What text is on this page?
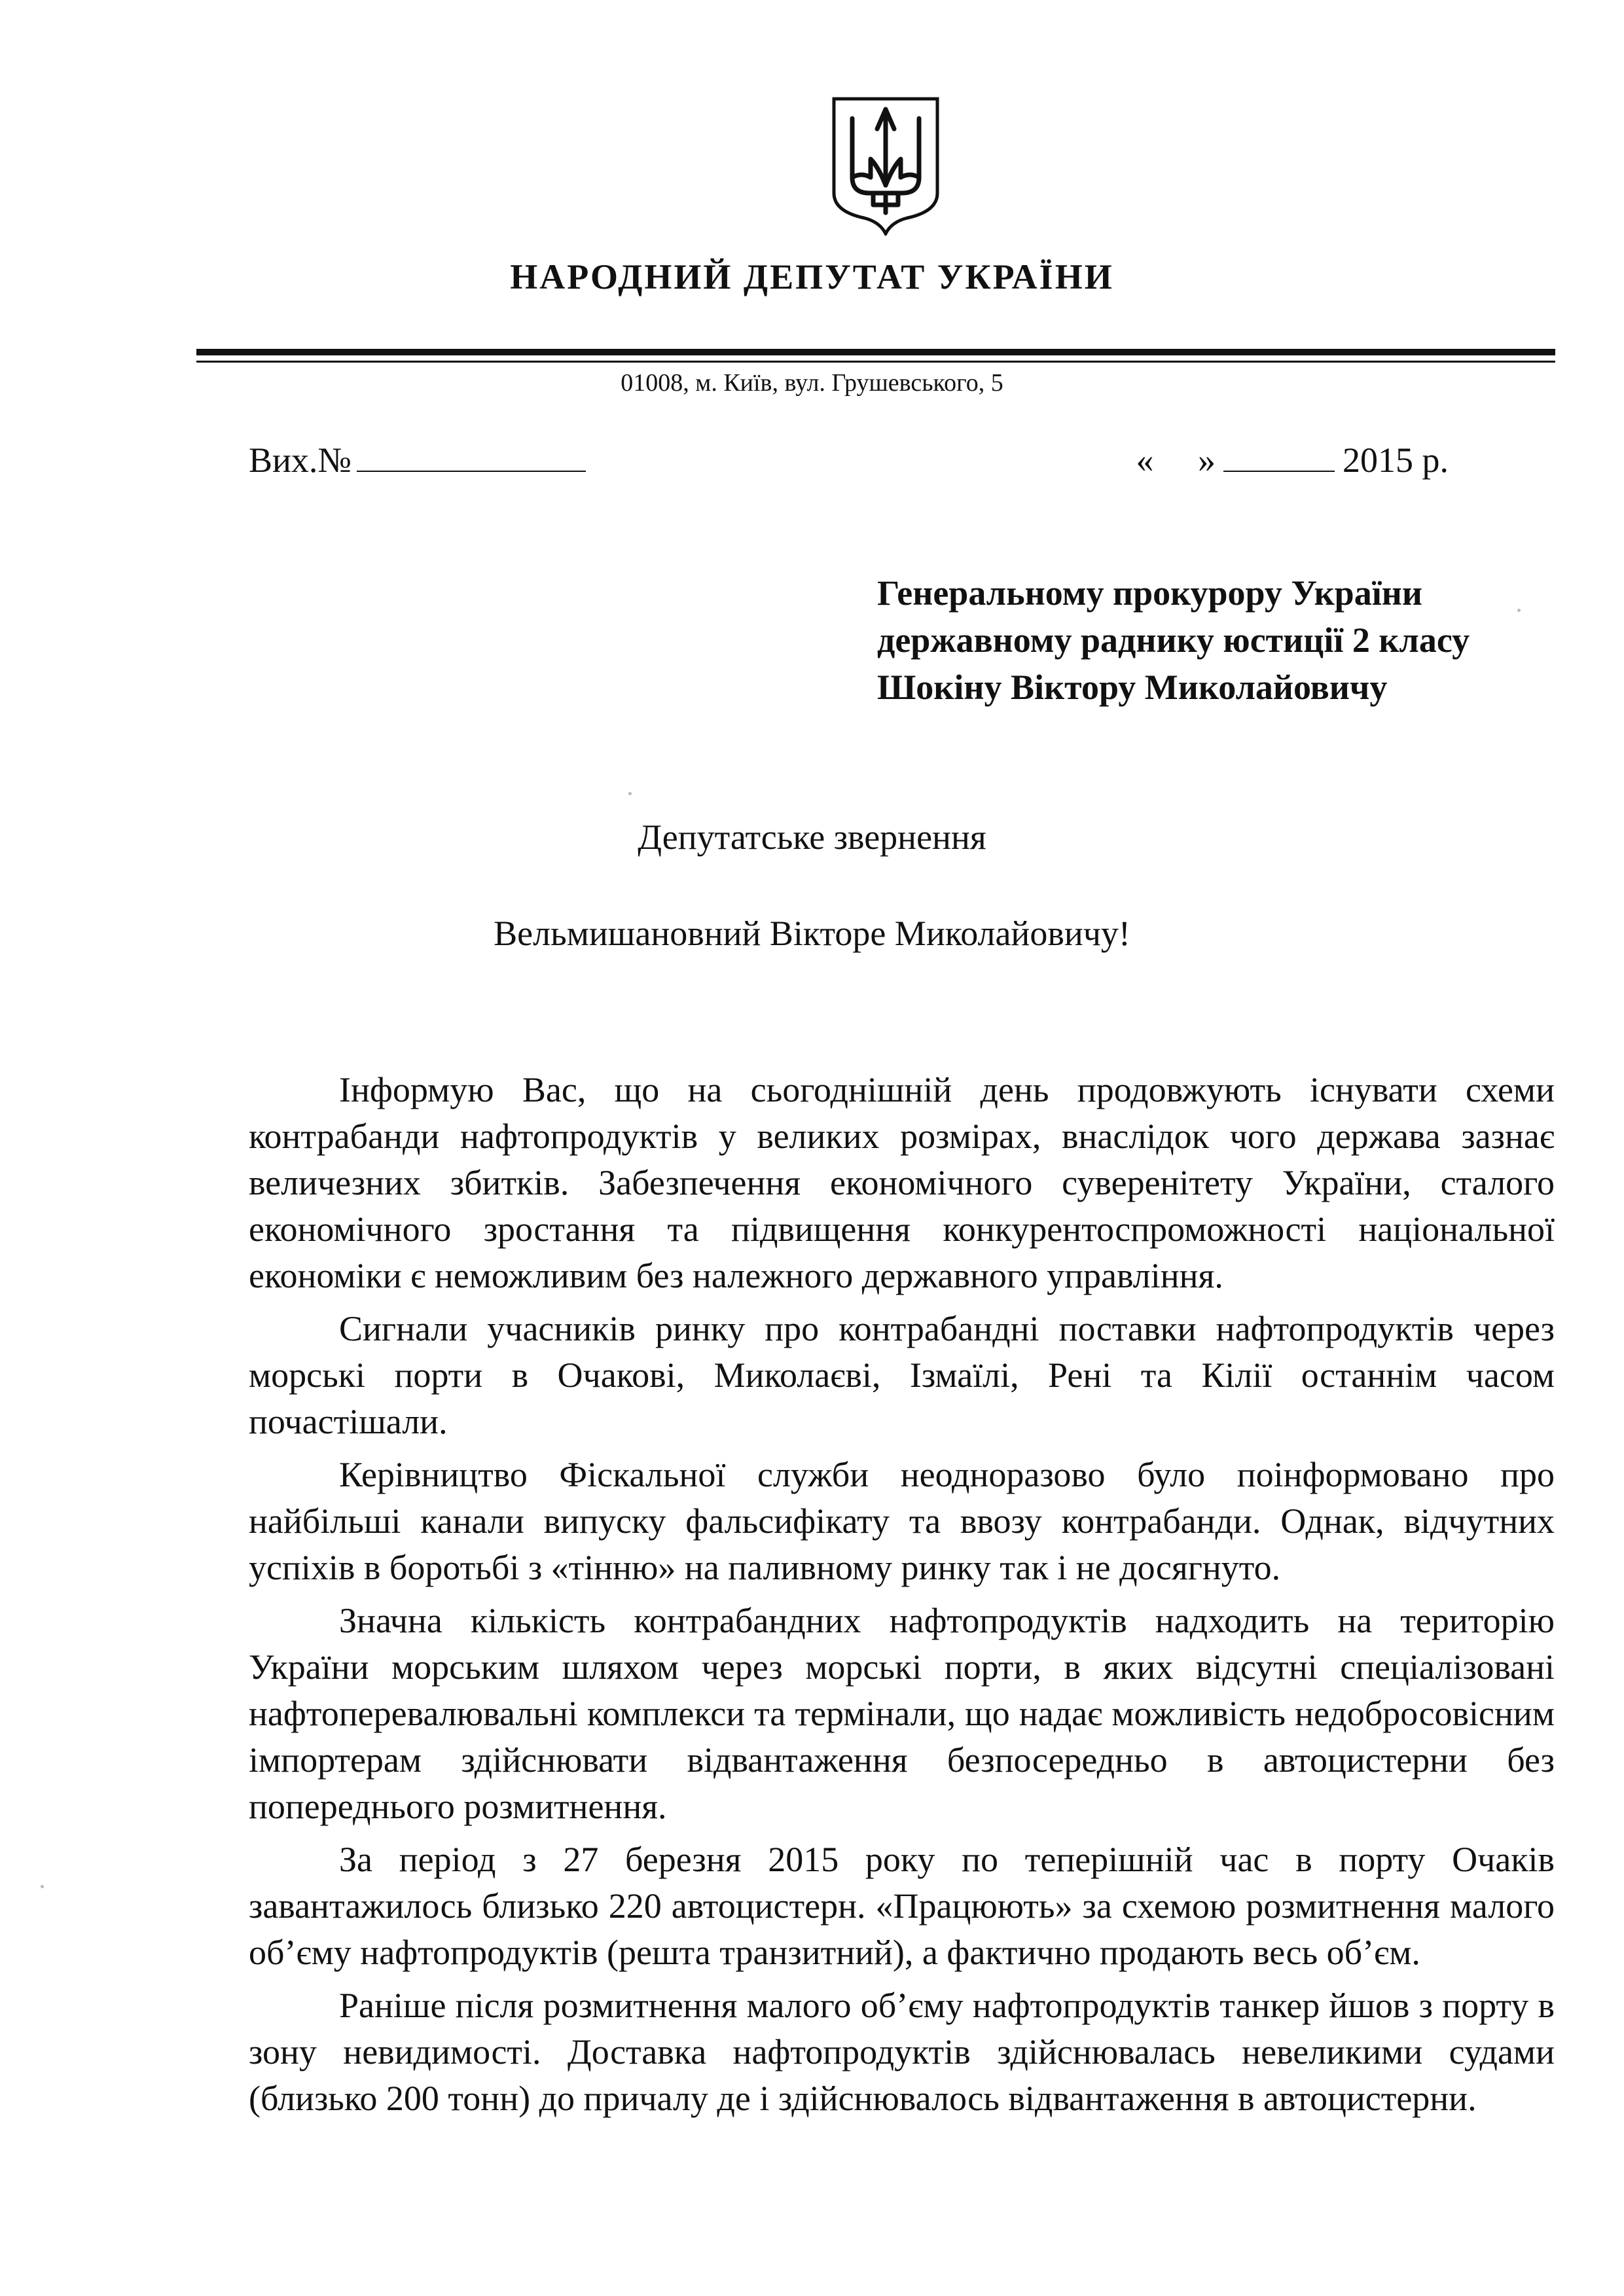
НАРОДНИЙ ДЕПУТАТ УКРАЇНИ
01008, м. Київ, вул. Грушевського, 5
Вих.№	« »	2015 р.
Генеральному прокурору України
державному раднику юстиції 2 класу
Шокіну Віктору Миколайовичу
Депутатське звернення
Вельмишановний Вікторе Миколайовичу!

Інформую Вас, що на сьогоднішній день продовжують існувати схеми контрабанди нафтопродуктів у великих розмірах, внаслідок чого держава зазнає величезних збитків. Забезпечення економічного суверенітету України, сталого економічного зростання та підвищення конкурентоспроможності національної економіки є неможливим без належного державного управління.

Сигнали учасників ринку про контрабандні поставки нафтопродуктів через морські порти в Очакові, Миколаєві, Ізмаїлі, Рені та Кілії останнім часом почастішали.

Керівництво Фіскальної служби неодноразово було поінформовано про найбільші канали випуску фальсифікату та ввозу контрабанди. Однак, відчутних успіхів в боротьбі з «тінню» на паливному ринку так і не досягнуто.

Значна кількість контрабандних нафтопродуктів надходить на територію України морським шляхом через морські порти, в яких відсутні спеціалізовані нафтоперевалювальні комплекси та термінали, що надає можливість недобросовісним імпортерам здійснювати відвантаження безпосередньо в автоцистерни без попереднього розмитнення.

За період з 27 березня 2015 року по теперішній час в порту Очаків завантажилось близько 220 автоцистерн. «Працюють» за схемою розмитнення малого об’єму нафтопродуктів (решта транзитний), а фактично продають весь об’єм.

Раніше після розмитнення малого об’єму нафтопродуктів танкер йшов з порту в зону невидимості. Доставка нафтопродуктів здійснювалась невеликими судами (близько 200 тонн) до причалу де і здійснювалось відвантаження в автоцистерни.
